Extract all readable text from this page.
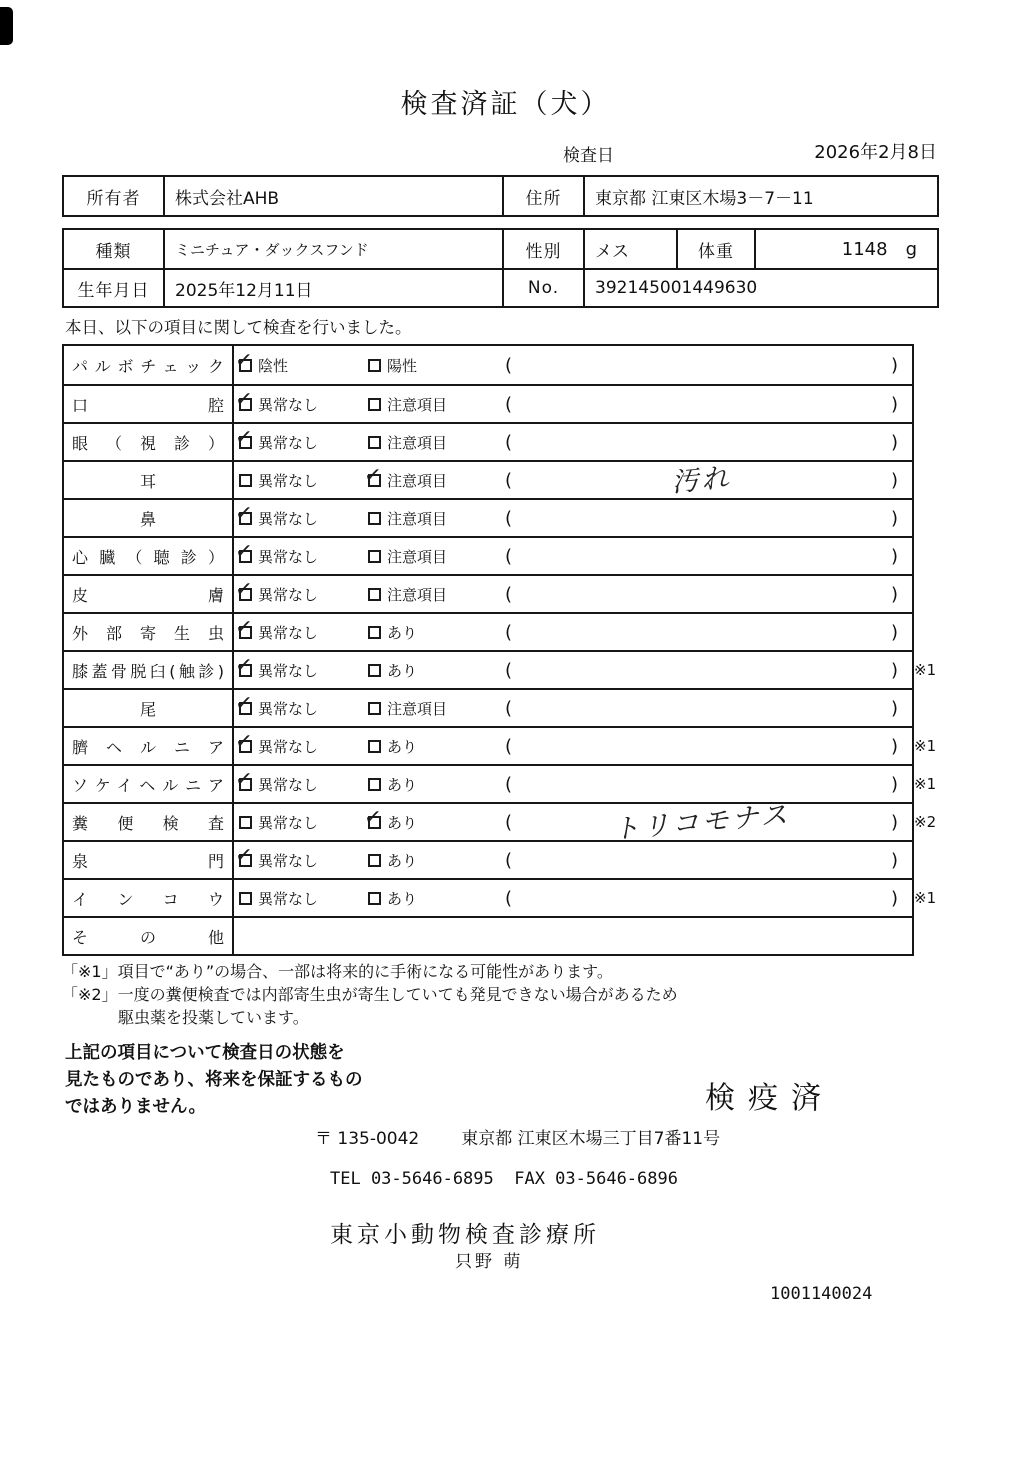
検査済証（犬）
検査日	2026年2月8日
所有者	株式会社AHB	住所	東京都 江東区木場3－7－11
種類	ミニチュア・ダックスフンド	性別	メス	体重	1148 g
生年月日	2025年12月11日	No.	392145001449630
本日、以下の項目に関して検査を行いました。
パルボチェック ✓ 陰性	陽性	(	)
口腔 ✓ 異常なし	注意項目	(	)
眼（視診） ✓ 異常なし	注意項目	(	)
耳	異常なし ✓	注意項目	(	汚れ	)
鼻 ✓	異常なし	注意項目	(	)
心臓（聴診） ✓ 異常なし	注意項目	(	)
皮膚 ✓ 異常なし	注意項目	(	)
外部寄生虫 ✓ 異常なし	あり	(	)
膝蓋骨脱臼(触診) ✓ 異常なし	あり	(	) ※1
尾 ✓	異常なし	注意項目	(	)
臍ヘルニア ✓ 異常なし	あり	(	) ※1
ソケイヘルニア ✓ 異常なし	あり	(	) ※1
糞便検査 異常なし ✓	あり	(	トリコモナス	) ※2
泉門 ✓ 異常なし	あり	(	)
インコウ 異常なし	あり	(	) ※1
その他
「※1」項目で“あり”の場合、一部は将来的に手術になる可能性があります。
「※2」一度の糞便検査では内部寄生虫が寄生していても発見できない場合があるため
駆虫薬を投薬しています。
上記の項目について検査日の状態を
見たものであり、将来を保証するもの
ではありません。	検疫済
〒 135-0042 東京都 江東区木場三丁目7番11号
TEL 03-5646-6895  FAX 03-5646-6896
東京小動物検査診療所
只野 萌
1001140024
